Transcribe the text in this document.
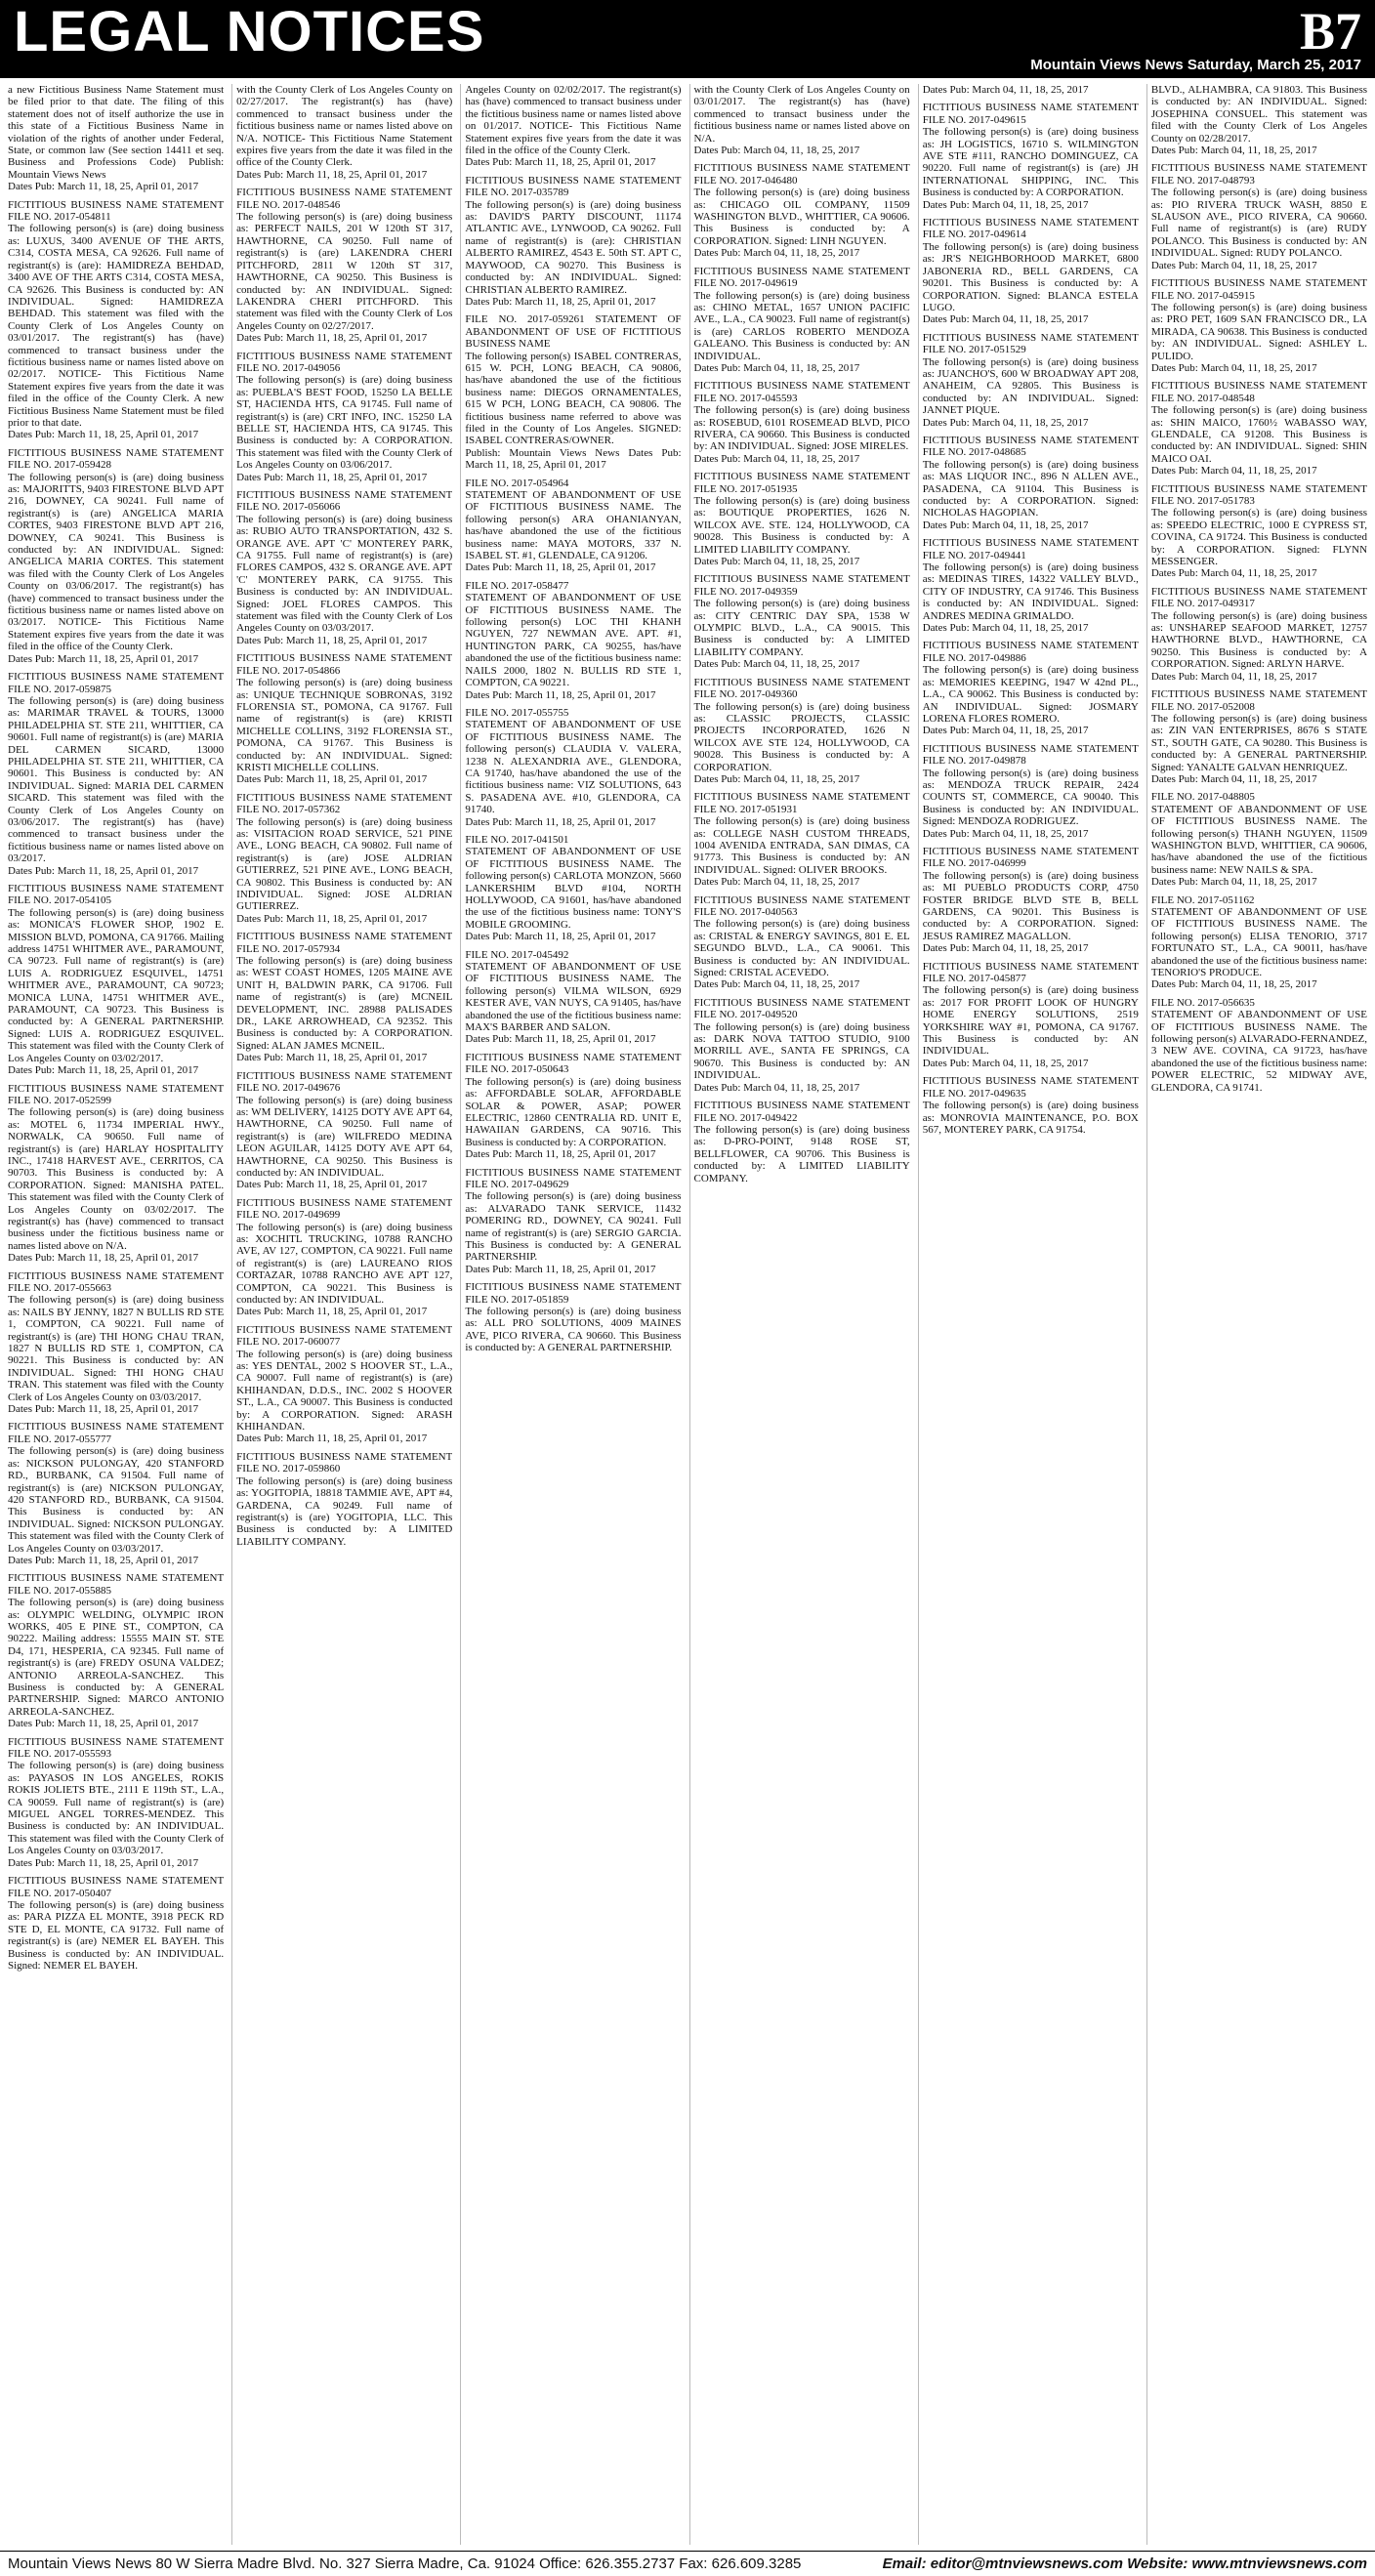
LEGAL NOTICES	B7
Mountain Views News Saturday, March 25, 2017
a new Fictitious Business Name Statement must be filed prior to that date. The filing of this statement does not of itself authorize the use in this state of a Fictitious Business Name in violation of the rights of another under Federal, State, or common law (See section 14411 et seq. Business and Professions Code) Publish: Mountain Views News
Dates Pub: March 11, 18, 25, April 01, 2017
FICTITIOUS BUSINESS NAME STATEMENT FILE NO. 2017-054811
The following person(s) is (are) doing business as: LUXUS, 3400 AVENUE OF THE ARTS, C314, COSTA MESA, CA 92626. Full name of registrant(s) is (are): HAMIDREZA BEHDAD, 3400 AVE OF THE ARTS C314, COSTA MESA, CA 92626. This Business is conducted by: AN INDIVIDUAL. Signed: HAMIDREZA BEHDAD. This statement was filed with the County Clerk of Los Angeles County on 03/01/2017. The registrant(s) has (have) commenced to transact business under the fictitious business name or names listed above on 02/2017. NOTICE- This Fictitious Name Statement expires five years from the date it was filed in the office of the County Clerk. A new Fictitious Business Name Statement must be filed prior to that date.
Dates Pub: March 11, 18, 25, April 01, 2017
FICTITIOUS BUSINESS NAME STATEMENT FILE NO. 2017-059428
The following person(s) is (are) doing business as: MAJORITTS, 9403 FIRESTONE BLVD APT 216, DOWNEY, CA 90241. Full name of registrant(s) is (are) ANGELICA MARIA CORTES, 9403 FIRESTONE BLVD APT 216, DOWNEY, CA 90241. This Business is conducted by: AN INDIVIDUAL. Signed: ANGELICA MARIA CORTES. This statement was filed with the County Clerk of Los Angeles County on 03/06/2017. The registrant(s) has (have) commenced to transact business under the fictitious business name or names listed above on 03/2017. NOTICE- This Fictitious Name Statement expires five years from the date it was filed in the office of the County Clerk.
Dates Pub: March 11, 18, 25, April 01, 2017
FICTITIOUS BUSINESS NAME STATEMENT FILE NO. 2017-059875
The following person(s) is (are) doing business as: MARIMAR TRAVEL & TOURS, 13000 PHILADELPHIA ST. STE 211, WHITTIER, CA 90601. Full name of registrant(s) is (are) MARIA DEL CARMEN SICARD, 13000 PHILADELPHIA ST. STE 211, WHITTIER, CA 90601. This Business is conducted by: AN INDIVIDUAL. Signed: MARIA DEL CARMEN SICARD. This statement was filed with the County Clerk of Los Angeles County on 03/06/2017. The registrant(s) has (have) commenced to transact business under the fictitious business name or names listed above on 03/2017.
Dates Pub: March 11, 18, 25, April 01, 2017
FICTITIOUS BUSINESS NAME STATEMENT FILE NO. 2017-054105
The following person(s) is (are) doing business as: MONICA'S FLOWER SHOP, 1902 E. MISSION BLVD, POMONA, CA 91766. Mailing address 14751 WHITMER AVE., PARAMOUNT, CA 90723. Full name of registrant(s) is (are) LUIS A. RODRIGUEZ ESQUIVEL, 14751 WHITMER AVE., PARAMOUNT, CA 90723; MONICA LUNA, 14751 WHITMER AVE., PARAMOUNT, CA 90723. This Business is conducted by: A GENERAL PARTNERSHIP. Signed: LUIS A. RODRIGUEZ ESQUIVEL. This statement was filed with the County Clerk of Los Angeles County on 03/02/2017.
Dates Pub: March 11, 18, 25, April 01, 2017
FICTITIOUS BUSINESS NAME STATEMENT FILE NO. 2017-052599
The following person(s) is (are) doing business as: MOTEL 6, 11734 IMPERIAL HWY., NORWALK, CA 90650. Full name of registrant(s) is (are) HARLAY HOSPITALITY INC., 17418 HARVEST AVE., CERRITOS, CA 90703. This Business is conducted by: A CORPORATION. Signed: MANISHA PATEL. This statement was filed with the County Clerk of Los Angeles County on 03/02/2017. The registrant(s) has (have) commenced to transact business under the fictitious business name or names listed above on N/A.
Dates Pub: March 11, 18, 25, April 01, 2017
FICTITIOUS BUSINESS NAME STATEMENT FILE NO. 2017-055663
The following person(s) is (are) doing business as: NAILS BY JENNY, 1827 N BULLIS RD STE 1, COMPTON, CA 90221. Full name of registrant(s) is (are) THI HONG CHAU TRAN, 1827 N BULLIS RD STE 1, COMPTON, CA 90221. This Business is conducted by: AN INDIVIDUAL. Signed: THI HONG CHAU TRAN. This statement was filed with the County Clerk of Los Angeles County on 03/03/2017.
Dates Pub: March 11, 18, 25, April 01, 2017
FICTITIOUS BUSINESS NAME STATEMENT FILE NO. 2017-055777
The following person(s) is (are) doing business as: NICKSON PULONGAY, 420 STANFORD RD., BURBANK, CA 91504. Full name of registrant(s) is (are) NICKSON PULONGAY, 420 STANFORD RD., BURBANK, CA 91504. This Business is conducted by: AN INDIVIDUAL. Signed: NICKSON PULONGAY. This statement was filed with the County Clerk of Los Angeles County on 03/03/2017.
Dates Pub: March 11, 18, 25, April 01, 2017
FICTITIOUS BUSINESS NAME STATEMENT FILE NO. 2017-055885
The following person(s) is (are) doing business as: OLYMPIC WELDING, OLYMPIC IRON WORKS, 405 E PINE ST., COMPTON, CA 90222. Mailing address: 15555 MAIN ST. STE D4, 171, HESPERIA, CA 92345. Full name of registrant(s) is (are) FREDY OSUNA VALDEZ; ANTONIO ARREOLA-SANCHEZ. This Business is conducted by: A GENERAL PARTNERSHIP. Signed: MARCO ANTONIO ARREOLA-SANCHEZ.
Dates Pub: March 11, 18, 25, April 01, 2017
FICTITIOUS BUSINESS NAME STATEMENT FILE NO. 2017-055593
The following person(s) is (are) doing business as: PAYASOS IN LOS ANGELES, ROKIS ROKIS JOLIETS BTE., 2111 E 119th ST., L.A., CA 90059. Full name of registrant(s) is (are) MIGUEL ANGEL TORRES-MENDEZ. This Business is conducted by: AN INDIVIDUAL. This statement was filed with the County Clerk of Los Angeles County on 03/03/2017.
Dates Pub: March 11, 18, 25, April 01, 2017
FICTITIOUS BUSINESS NAME STATEMENT FILE NO. 2017-050407
The following person(s) is (are) doing business as: PARA PIZZA EL MONTE, 3918 PECK RD STE D, EL MONTE, CA 91732. Full name of registrant(s) is (are) NEMER EL BAYEH. This Business is conducted by: AN INDIVIDUAL. Signed: NEMER EL BAYEH.
with the County Clerk of Los Angeles County on 02/27/2017. The registrant(s) has (have) commenced to transact business under the fictitious business name or names listed above on N/A. NOTICE- This Fictitious Name Statement expires five years from the date it was filed in the office of the County Clerk.
Dates Pub: March 11, 18, 25, April 01, 2017
FICTITIOUS BUSINESS NAME STATEMENT FILE NO. 2017-048546
The following person(s) is (are) doing business as: PERFECT NAILS, 201 W 120th ST 317, HAWTHORNE, CA 90250. Full name of registrant(s) is (are) LAKENDRA CHERI PITCHFORD, 2811 W 120th ST 317, HAWTHORNE, CA 90250. This Business is conducted by: AN INDIVIDUAL. Signed: LAKENDRA CHERI PITCHFORD. This statement was filed with the County Clerk of Los Angeles County on 02/27/2017.
Dates Pub: March 11, 18, 25, April 01, 2017
FICTITIOUS BUSINESS NAME STATEMENT FILE NO. 2017-049056
The following person(s) is (are) doing business as: PUEBLA'S BEST FOOD, 15250 LA BELLE ST, HACIENDA HTS, CA 91745. Full name of registrant(s) is (are) CRT INFO, INC. 15250 LA BELLE ST, HACIENDA HTS, CA 91745. This Business is conducted by: A CORPORATION. This statement was filed with the County Clerk of Los Angeles County on 03/06/2017.
Dates Pub: March 11, 18, 25, April 01, 2017
FICTITIOUS BUSINESS NAME STATEMENT FILE NO. 2017-056066
The following person(s) is (are) doing business as: RUBIO AUTO TRANSPORTATION, 432 S. ORANGE AVE. APT 'C' MONTEREY PARK, CA 91755. Full name of registrant(s) is (are) FLORES CAMPOS, 432 S. ORANGE AVE. APT 'C' MONTEREY PARK, CA 91755. This Business is conducted by: AN INDIVIDUAL. Signed: JOEL FLORES CAMPOS. This statement was filed with the County Clerk of Los Angeles County on 03/03/2017.
Dates Pub: March 11, 18, 25, April 01, 2017
FICTITIOUS BUSINESS NAME STATEMENT FILE NO. 2017-054866
The following person(s) is (are) doing business as: UNIQUE TECHNIQUE SOBRONAS, 3192 FLORENSIA ST., POMONA, CA 91767. Full name of registrant(s) is (are) KRISTI MICHELLE COLLINS, 3192 FLORENSIA ST., POMONA, CA 91767. This Business is conducted by: AN INDIVIDUAL. Signed: KRISTI MICHELLE COLLINS.
Dates Pub: March 11, 18, 25, April 01, 2017
FICTITIOUS BUSINESS NAME STATEMENT FILE NO. 2017-057362
The following person(s) is (are) doing business as: VISITACION ROAD SERVICE, 521 PINE AVE., LONG BEACH, CA 90802. Full name of registrant(s) is (are) JOSE ALDRIAN GUTIERREZ, 521 PINE AVE., LONG BEACH, CA 90802. This Business is conducted by: AN INDIVIDUAL. Signed: JOSE ALDRIAN GUTIERREZ.
Dates Pub: March 11, 18, 25, April 01, 2017
FICTITIOUS BUSINESS NAME STATEMENT FILE NO. 2017-057934
The following person(s) is (are) doing business as: WEST COAST HOMES, 1205 MAINE AVE UNIT H, BALDWIN PARK, CA 91706. Full name of registrant(s) is (are) MCNEIL DEVELOPMENT, INC. 28988 PALISADES DR., LAKE ARROWHEAD, CA 92352. This Business is conducted by: A CORPORATION. Signed: ALAN JAMES MCNEIL.
Dates Pub: March 11, 18, 25, April 01, 2017
FICTITIOUS BUSINESS NAME STATEMENT FILE NO. 2017-049676
The following person(s) is (are) doing business as: WM DELIVERY, 14125 DOTY AVE APT 64, HAWTHORNE, CA 90250. Full name of registrant(s) is (are) WILFREDO MEDINA LEON AGUILAR, 14125 DOTY AVE APT 64, HAWTHORNE, CA 90250. This Business is conducted by: AN INDIVIDUAL.
Dates Pub: March 11, 18, 25, April 01, 2017
FICTITIOUS BUSINESS NAME STATEMENT FILE NO. 2017-049699
The following person(s) is (are) doing business as: XOCHITL TRUCKING, 10788 RANCHO AVE, AV 127, COMPTON, CA 90221. Full name of registrant(s) is (are) LAUREANO RIOS CORTAZAR, 10788 RANCHO AVE APT 127, COMPTON, CA 90221. This Business is conducted by: AN INDIVIDUAL.
Dates Pub: March 11, 18, 25, April 01, 2017
FICTITIOUS BUSINESS NAME STATEMENT FILE NO. 2017-060077
The following person(s) is (are) doing business as: YES DENTAL, 2002 S HOOVER ST., L.A., CA 90007. Full name of registrant(s) is (are) KHIHANDAN, D.D.S., INC. 2002 S HOOVER ST., L.A., CA 90007. This Business is conducted by: A CORPORATION. Signed: ARASH KHIHANDAN.
Dates Pub: March 11, 18, 25, April 01, 2017
FICTITIOUS BUSINESS NAME STATEMENT FILE NO. 2017-059860
The following person(s) is (are) doing business as: YOGITOPIA, 18818 TAMMIE AVE, APT #4, GARDENA, CA 90249. Full name of registrant(s) is (are) YOGITOPIA, LLC. This Business is conducted by: A LIMITED LIABILITY COMPANY.
Angeles County on 02/02/2017. The registrant(s) has (have) commenced to transact business under the fictitious business name or names listed above on 01/2017. NOTICE- This Fictitious Name Statement expires five years from the date it was filed in the office of the County Clerk.
Dates Pub: March 11, 18, 25, April 01, 2017
FICTITIOUS BUSINESS NAME STATEMENT FILE NO. 2017-035789
The following person(s) is (are) doing business as: DAVID'S PARTY DISCOUNT, 11174 ATLANTIC AVE., LYNWOOD, CA 90262. Full name of registrant(s) is (are): CHRISTIAN ALBERTO RAMIREZ, 4543 E. 50th ST. APT C, MAYWOOD, CA 90270. This Business is conducted by: AN INDIVIDUAL. Signed: CHRISTIAN ALBERTO RAMIREZ.
Dates Pub: March 11, 18, 25, April 01, 2017
FILE NO. 2017-059261 STATEMENT OF ABANDONMENT OF USE OF FICTITIOUS BUSINESS NAME
The following person(s) ISABEL CONTRERAS, 615 W. PCH, LONG BEACH, CA 90806, has/have abandoned the use of the fictitious business name: DIEGOS ORNAMENTALES, 615 W PCH, LONG BEACH, CA 90806. The fictitious business name referred to above was filed in the County of Los Angeles. SIGNED: ISABEL CONTRERAS/OWNER.
Publish: Mountain Views News Dates Pub: March 11, 18, 25, April 01, 2017
FILE NO. 2017-054964
STATEMENT OF ABANDONMENT OF USE OF FICTITIOUS BUSINESS NAME. The following person(s) ARA OHANIANYAN, has/have abandoned the use of the fictitious business name: MAYA MOTORS, 337 N. ISABEL ST. #1, GLENDALE, CA 91206.
Dates Pub: March 11, 18, 25, April 01, 2017
FILE NO. 2017-058477
STATEMENT OF ABANDONMENT OF USE OF FICTITIOUS BUSINESS NAME. The following person(s) LOC THI KHANH NGUYEN, 727 NEWMAN AVE. APT. #1, HUNTINGTON PARK, CA 90255, has/have abandoned the use of the fictitious business name: NAILS 2000, 1802 N. BULLIS RD STE 1, COMPTON, CA 90221.
Dates Pub: March 11, 18, 25, April 01, 2017
FILE NO. 2017-055755
STATEMENT OF ABANDONMENT OF USE OF FICTITIOUS BUSINESS NAME. The following person(s) CLAUDIA V. VALERA, 1238 N. ALEXANDRIA AVE., GLENDORA, CA 91740, has/have abandoned the use of the fictitious business name: VIZ SOLUTIONS, 643 S. PASADENA AVE. #10, GLENDORA, CA 91740.
Dates Pub: March 11, 18, 25, April 01, 2017
FILE NO. 2017-041501
STATEMENT OF ABANDONMENT OF USE OF FICTITIOUS BUSINESS NAME. The following person(s) CARLOTA MONZON, 5660 LANKERSHIM BLVD #104, NORTH HOLLYWOOD, CA 91601, has/have abandoned the use of the fictitious business name: TONY'S MOBILE GROOMING.
Dates Pub: March 11, 18, 25, April 01, 2017
FILE NO. 2017-045492
STATEMENT OF ABANDONMENT OF USE OF FICTITIOUS BUSINESS NAME. The following person(s) VILMA WILSON, 6929 KESTER AVE, VAN NUYS, CA 91405, has/have abandoned the use of the fictitious business name: MAX'S BARBER AND SALON.
Dates Pub: March 11, 18, 25, April 01, 2017
FICTITIOUS BUSINESS NAME STATEMENT FILE NO. 2017-050643
The following person(s) is (are) doing business as: AFFORDABLE SOLAR, AFFORDABLE SOLAR & POWER, ASAP; POWER ELECTRIC, 12860 CENTRALIA RD. UNIT E, HAWAIIAN GARDENS, CA 90716. This Business is conducted by: A CORPORATION.
Dates Pub: March 11, 18, 25, April 01, 2017
FICTITIOUS BUSINESS NAME STATEMENT FILE NO. 2017-049629
The following person(s) is (are) doing business as: ALVARADO TANK SERVICE, 11432 POMERING RD., DOWNEY, CA 90241. Full name of registrant(s) is (are) SERGIO GARCIA. This Business is conducted by: A GENERAL PARTNERSHIP.
Dates Pub: March 11, 18, 25, April 01, 2017
FICTITIOUS BUSINESS NAME STATEMENT FILE NO. 2017-051859
The following person(s) is (are) doing business as: ALL PRO SOLUTIONS, 4009 MAINES AVE, PICO RIVERA, CA 90660. This Business is conducted by: A GENERAL PARTNERSHIP.
with the County Clerk of Los Angeles County on 03/01/2017. The registrant(s) has (have) commenced to transact business under the fictitious business name or names listed above on N/A.
Dates Pub: March 04, 11, 18, 25, 2017
FICTITIOUS BUSINESS NAME STATEMENT FILE NO. 2017-046480
The following person(s) is (are) doing business as: CHICAGO OIL COMPANY, 11509 WASHINGTON BLVD., WHITTIER, CA 90606. This Business is conducted by: A CORPORATION. Signed: LINH NGUYEN.
Dates Pub: March 04, 11, 18, 25, 2017
FICTITIOUS BUSINESS NAME STATEMENT FILE NO. 2017-049619
The following person(s) is (are) doing business as: CHINO METAL, 1657 UNION PACIFIC AVE., L.A., CA 90023. Full name of registrant(s) is (are) CARLOS ROBERTO MENDOZA GALEANO. This Business is conducted by: AN INDIVIDUAL.
Dates Pub: March 04, 11, 18, 25, 2017
FICTITIOUS BUSINESS NAME STATEMENT FILE NO. 2017-045593
The following person(s) is (are) doing business as: ROSEBUD, 6101 ROSEMEAD BLVD, PICO RIVERA, CA 90660. This Business is conducted by: AN INDIVIDUAL. Signed: JOSE MIRELES.
Dates Pub: March 04, 11, 18, 25, 2017
FICTITIOUS BUSINESS NAME STATEMENT FILE NO. 2017-051935
The following person(s) is (are) doing business as: BOUTIQUE PROPERTIES, 1626 N. WILCOX AVE. STE. 124, HOLLYWOOD, CA 90028. This Business is conducted by: A LIMITED LIABILITY COMPANY.
Dates Pub: March 04, 11, 18, 25, 2017
FICTITIOUS BUSINESS NAME STATEMENT FILE NO. 2017-049359
The following person(s) is (are) doing business as: CITY CENTRIC DAY SPA, 1538 W OLYMPIC BLVD., L.A., CA 90015. This Business is conducted by: A LIMITED LIABILITY COMPANY.
Dates Pub: March 04, 11, 18, 25, 2017
FICTITIOUS BUSINESS NAME STATEMENT FILE NO. 2017-049360
The following person(s) is (are) doing business as: CLASSIC PROJECTS, CLASSIC PROJECTS INCORPORATED, 1626 N WILCOX AVE STE 124, HOLLYWOOD, CA 90028. This Business is conducted by: A CORPORATION.
Dates Pub: March 04, 11, 18, 25, 2017
FICTITIOUS BUSINESS NAME STATEMENT FILE NO. 2017-051931
The following person(s) is (are) doing business as: COLLEGE NASH CUSTOM THREADS, 1004 AVENIDA ENTRADA, SAN DIMAS, CA 91773. This Business is conducted by: AN INDIVIDUAL. Signed: OLIVER BROOKS.
Dates Pub: March 04, 11, 18, 25, 2017
FICTITIOUS BUSINESS NAME STATEMENT FILE NO. 2017-040563
The following person(s) is (are) doing business as: CRISTAL & ENERGY SAVINGS, 801 E. EL SEGUNDO BLVD., L.A., CA 90061. This Business is conducted by: AN INDIVIDUAL. Signed: CRISTAL ACEVEDO.
Dates Pub: March 04, 11, 18, 25, 2017
FICTITIOUS BUSINESS NAME STATEMENT FILE NO. 2017-049520
The following person(s) is (are) doing business as: DARK NOVA TATTOO STUDIO, 9100 MORRILL AVE., SANTA FE SPRINGS, CA 90670. This Business is conducted by: AN INDIVIDUAL.
Dates Pub: March 04, 11, 18, 25, 2017
FICTITIOUS BUSINESS NAME STATEMENT FILE NO. 2017-049422
The following person(s) is (are) doing business as: D-PRO-POINT, 9148 ROSE ST, BELLFLOWER, CA 90706. This Business is conducted by: A LIMITED LIABILITY COMPANY.
Dates Pub: March 04, 11, 18, 25, 2017
FICTITIOUS BUSINESS NAME STATEMENT FILE NO. 2017-049615
The following person(s) is (are) doing business as: JH LOGISTICS, 16710 S. WILMINGTON AVE STE #111, RANCHO DOMINGUEZ, CA 90220. Full name of registrant(s) is (are) JH INTERNATIONAL SHIPPING, INC. This Business is conducted by: A CORPORATION.
Dates Pub: March 04, 11, 18, 25, 2017
FICTITIOUS BUSINESS NAME STATEMENT FILE NO. 2017-049614
The following person(s) is (are) doing business as: JR'S NEIGHBORHOOD MARKET, 6800 JABONERIA RD., BELL GARDENS, CA 90201. This Business is conducted by: A CORPORATION. Signed: BLANCA ESTELA LUGO.
Dates Pub: March 04, 11, 18, 25, 2017
FICTITIOUS BUSINESS NAME STATEMENT FILE NO. 2017-051529
The following person(s) is (are) doing business as: JUANCHO'S, 600 W BROADWAY APT 208, ANAHEIM, CA 92805. This Business is conducted by: AN INDIVIDUAL. Signed: JANNET PIQUE.
Dates Pub: March 04, 11, 18, 25, 2017
FICTITIOUS BUSINESS NAME STATEMENT FILE NO. 2017-048685
The following person(s) is (are) doing business as: MAS LIQUOR INC., 896 N ALLEN AVE., PASADENA, CA 91104. This Business is conducted by: A CORPORATION. Signed: NICHOLAS HAGOPIAN.
Dates Pub: March 04, 11, 18, 25, 2017
FICTITIOUS BUSINESS NAME STATEMENT FILE NO. 2017-049441
The following person(s) is (are) doing business as: MEDINAS TIRES, 14322 VALLEY BLVD., CITY OF INDUSTRY, CA 91746. This Business is conducted by: AN INDIVIDUAL. Signed: ANDRES MEDINA GRIMALDO.
Dates Pub: March 04, 11, 18, 25, 2017
FICTITIOUS BUSINESS NAME STATEMENT FILE NO. 2017-049886
The following person(s) is (are) doing business as: MEMORIES KEEPING, 1947 W 42nd PL., L.A., CA 90062. This Business is conducted by: AN INDIVIDUAL. Signed: JOSMARY LORENA FLORES ROMERO.
Dates Pub: March 04, 11, 18, 25, 2017
FICTITIOUS BUSINESS NAME STATEMENT FILE NO. 2017-049878
The following person(s) is (are) doing business as: MENDOZA TRUCK REPAIR, 2424 COUNTS ST, COMMERCE, CA 90040. This Business is conducted by: AN INDIVIDUAL. Signed: MENDOZA RODRIGUEZ.
Dates Pub: March 04, 11, 18, 25, 2017
FICTITIOUS BUSINESS NAME STATEMENT FILE NO. 2017-046999
The following person(s) is (are) doing business as: MI PUEBLO PRODUCTS CORP, 4750 FOSTER BRIDGE BLVD STE B, BELL GARDENS, CA 90201. This Business is conducted by: A CORPORATION. Signed: JESUS RAMIREZ MAGALLON.
Dates Pub: March 04, 11, 18, 25, 2017
FICTITIOUS BUSINESS NAME STATEMENT FILE NO. 2017-045877
The following person(s) is (are) doing business as: 2017 FOR PROFIT LOOK OF HUNGRY HOME ENERGY SOLUTIONS, 2519 YORKSHIRE WAY #1, POMONA, CA 91767. This Business is conducted by: AN INDIVIDUAL.
Dates Pub: March 04, 11, 18, 25, 2017
FICTITIOUS BUSINESS NAME STATEMENT FILE NO. 2017-049635
The following person(s) is (are) doing business as: MONROVIA MAINTENANCE, P.O. BOX 567, MONTEREY PARK, CA 91754.
BLVD., ALHAMBRA, CA 91803. This Business is conducted by: AN INDIVIDUAL. Signed: JOSEPHINA CONSUEL. This statement was filed with the County Clerk of Los Angeles County on 02/28/2017.
Dates Pub: March 04, 11, 18, 25, 2017
FICTITIOUS BUSINESS NAME STATEMENT FILE NO. 2017-048793
The following person(s) is (are) doing business as: PIO RIVERA TRUCK WASH, 8850 E SLAUSON AVE., PICO RIVERA, CA 90660. Full name of registrant(s) is (are) RUDY POLANCO. This Business is conducted by: AN INDIVIDUAL. Signed: RUDY POLANCO.
Dates Pub: March 04, 11, 18, 25, 2017
FICTITIOUS BUSINESS NAME STATEMENT FILE NO. 2017-045915
The following person(s) is (are) doing business as: PRO PET, 1609 SAN FRANCISCO DR., LA MIRADA, CA 90638. This Business is conducted by: AN INDIVIDUAL. Signed: ASHLEY L. PULIDO.
Dates Pub: March 04, 11, 18, 25, 2017
FICTITIOUS BUSINESS NAME STATEMENT FILE NO. 2017-048548
The following person(s) is (are) doing business as: SHIN MAICO, 1760½ WABASSO WAY, GLENDALE, CA 91208. This Business is conducted by: AN INDIVIDUAL. Signed: SHIN MAICO OAI.
Dates Pub: March 04, 11, 18, 25, 2017
FICTITIOUS BUSINESS NAME STATEMENT FILE NO. 2017-051783
The following person(s) is (are) doing business as: SPEEDO ELECTRIC, 1000 E CYPRESS ST, COVINA, CA 91724. This Business is conducted by: A CORPORATION. Signed: FLYNN MESSENGER.
Dates Pub: March 04, 11, 18, 25, 2017
FICTITIOUS BUSINESS NAME STATEMENT FILE NO. 2017-049317
The following person(s) is (are) doing business as: UNSHAREP SEAFOOD MARKET, 12757 HAWTHORNE BLVD., HAWTHORNE, CA 90250. This Business is conducted by: A CORPORATION. Signed: ARLYN HARVE.
Dates Pub: March 04, 11, 18, 25, 2017
FICTITIOUS BUSINESS NAME STATEMENT FILE NO. 2017-052008
The following person(s) is (are) doing business as: ZIN VAN ENTERPRISES, 8676 S STATE ST., SOUTH GATE, CA 90280. This Business is conducted by: A GENERAL PARTNERSHIP. Signed: YANALTE GALVAN HENRIQUEZ.
Dates Pub: March 04, 11, 18, 25, 2017
FILE NO. 2017-048805
STATEMENT OF ABANDONMENT OF USE OF FICTITIOUS BUSINESS NAME. The following person(s) THANH NGUYEN, 11509 WASHINGTON BLVD, WHITTIER, CA 90606, has/have abandoned the use of the fictitious business name: NEW NAILS & SPA.
Dates Pub: March 04, 11, 18, 25, 2017
FILE NO. 2017-051162
STATEMENT OF ABANDONMENT OF USE OF FICTITIOUS BUSINESS NAME. The following person(s) ELISA TENORIO, 3717 FORTUNATO ST., L.A., CA 90011, has/have abandoned the use of the fictitious business name: TENORIO'S PRODUCE.
Dates Pub: March 04, 11, 18, 25, 2017
FILE NO. 2017-056635
STATEMENT OF ABANDONMENT OF USE OF FICTITIOUS BUSINESS NAME. The following person(s) ALVARADO-FERNANDEZ, 3 NEW AVE. COVINA, CA 91723, has/have abandoned the use of the fictitious business name: POWER ELECTRIC, 52 MIDWAY AVE, GLENDORA, CA 91741.
Mountain Views News 80 W Sierra Madre Blvd. No. 327 Sierra Madre, Ca. 91024 Office: 626.355.2737 Fax: 626.609.3285	Email: editor@mtnviewsnews.com Website: www.mtnviewsnews.com
